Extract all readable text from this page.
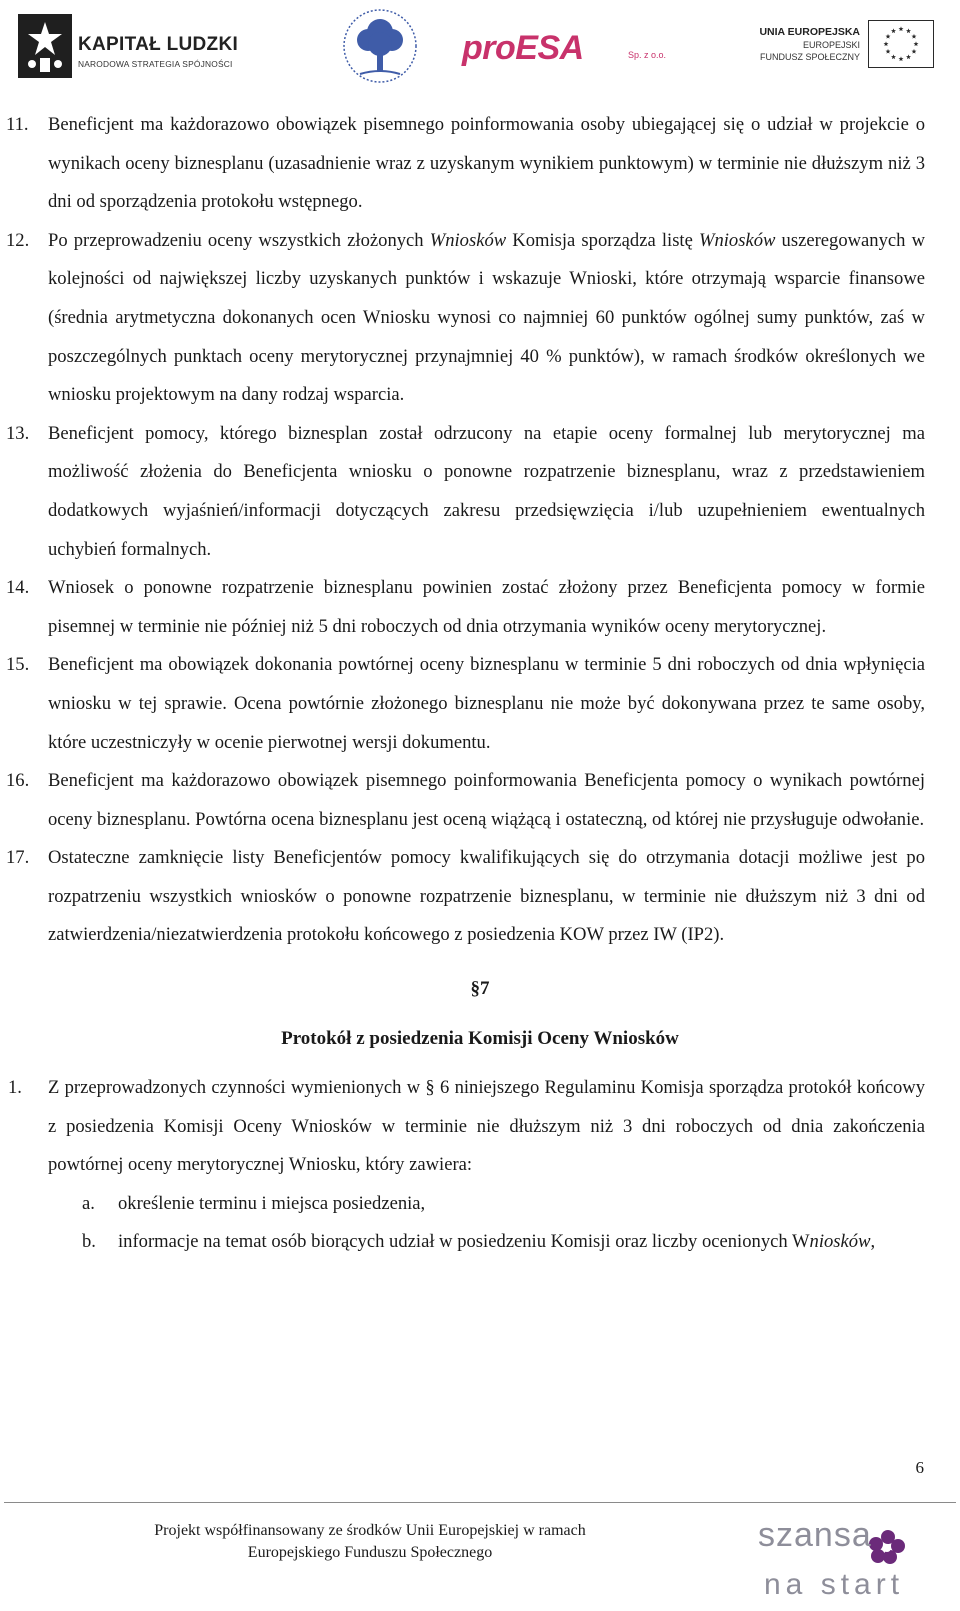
KAPITAŁ LUDZKI
NARODOWA STRATEGIA SPÓJNOŚCI	proESA	Sp. z o.o.
UNIA EUROPEJSKA
EUROPEJSKI
FUNDUSZ SPOŁECZNY
11. Beneficjent ma każdorazowo obowiązek pisemnego poinformowania osoby ubiegającej się o udział w projekcie o wynikach oceny biznesplanu (uzasadnienie wraz z uzyskanym wynikiem punktowym) w terminie nie dłuższym niż 3 dni od sporządzenia protokołu wstępnego.
12. Po przeprowadzeniu oceny wszystkich złożonych Wniosków Komisja sporządza listę Wniosków uszeregowanych w kolejności od największej liczby uzyskanych punktów i wskazuje Wnioski, które otrzymają wsparcie finansowe (średnia arytmetyczna dokonanych ocen Wniosku wynosi co najmniej 60 punktów ogólnej sumy punktów, zaś w poszczególnych punktach oceny merytorycznej przynajmniej 40 % punktów), w ramach środków określonych we wniosku projektowym na dany rodzaj wsparcia.
13. Beneficjent pomocy, którego biznesplan został odrzucony na etapie oceny formalnej lub merytorycznej ma możliwość złożenia do Beneficjenta wniosku o ponowne rozpatrzenie biznesplanu, wraz z przedstawieniem dodatkowych wyjaśnień/informacji dotyczących zakresu przedsięwzięcia i/lub uzupełnieniem ewentualnych uchybień formalnych.
14. Wniosek o ponowne rozpatrzenie biznesplanu powinien zostać złożony przez Beneficjenta pomocy w formie pisemnej w terminie nie później niż 5 dni roboczych od dnia otrzymania wyników oceny merytorycznej.
15. Beneficjent ma obowiązek dokonania powtórnej oceny biznesplanu w terminie 5 dni roboczych od dnia wpłynięcia wniosku w tej sprawie. Ocena powtórnie złożonego biznesplanu nie może być dokonywana przez te same osoby, które uczestniczyły w ocenie pierwotnej wersji dokumentu.
16. Beneficjent ma każdorazowo obowiązek pisemnego poinformowania Beneficjenta pomocy o wynikach powtórnej oceny biznesplanu. Powtórna ocena biznesplanu jest oceną wiążącą i ostateczną, od której nie przysługuje odwołanie.
17. Ostateczne zamknięcie listy Beneficjentów pomocy kwalifikujących się do otrzymania dotacji możliwe jest po rozpatrzeniu wszystkich wniosków o ponowne rozpatrzenie biznesplanu, w terminie nie dłuższym niż 3 dni od zatwierdzenia/niezatwierdzenia protokołu końcowego z posiedzenia KOW przez IW (IP2).
§7
Protokół z posiedzenia Komisji Oceny Wniosków
1. Z przeprowadzonych czynności wymienionych w § 6 niniejszego Regulaminu Komisja sporządza protokół końcowy z posiedzenia Komisji Oceny Wniosków w terminie nie dłuższym niż 3 dni roboczych od dnia zakończenia powtórnej oceny merytorycznej Wniosku, który zawiera:
a. określenie terminu i miejsca posiedzenia,
b. informacje na temat osób biorących udział w posiedzeniu Komisji oraz liczby ocenionych Wniosków,
6
Projekt współfinansowany ze środków Unii Europejskiej w ramach
Europejskiego Funduszu Społecznego	szansa
na start
